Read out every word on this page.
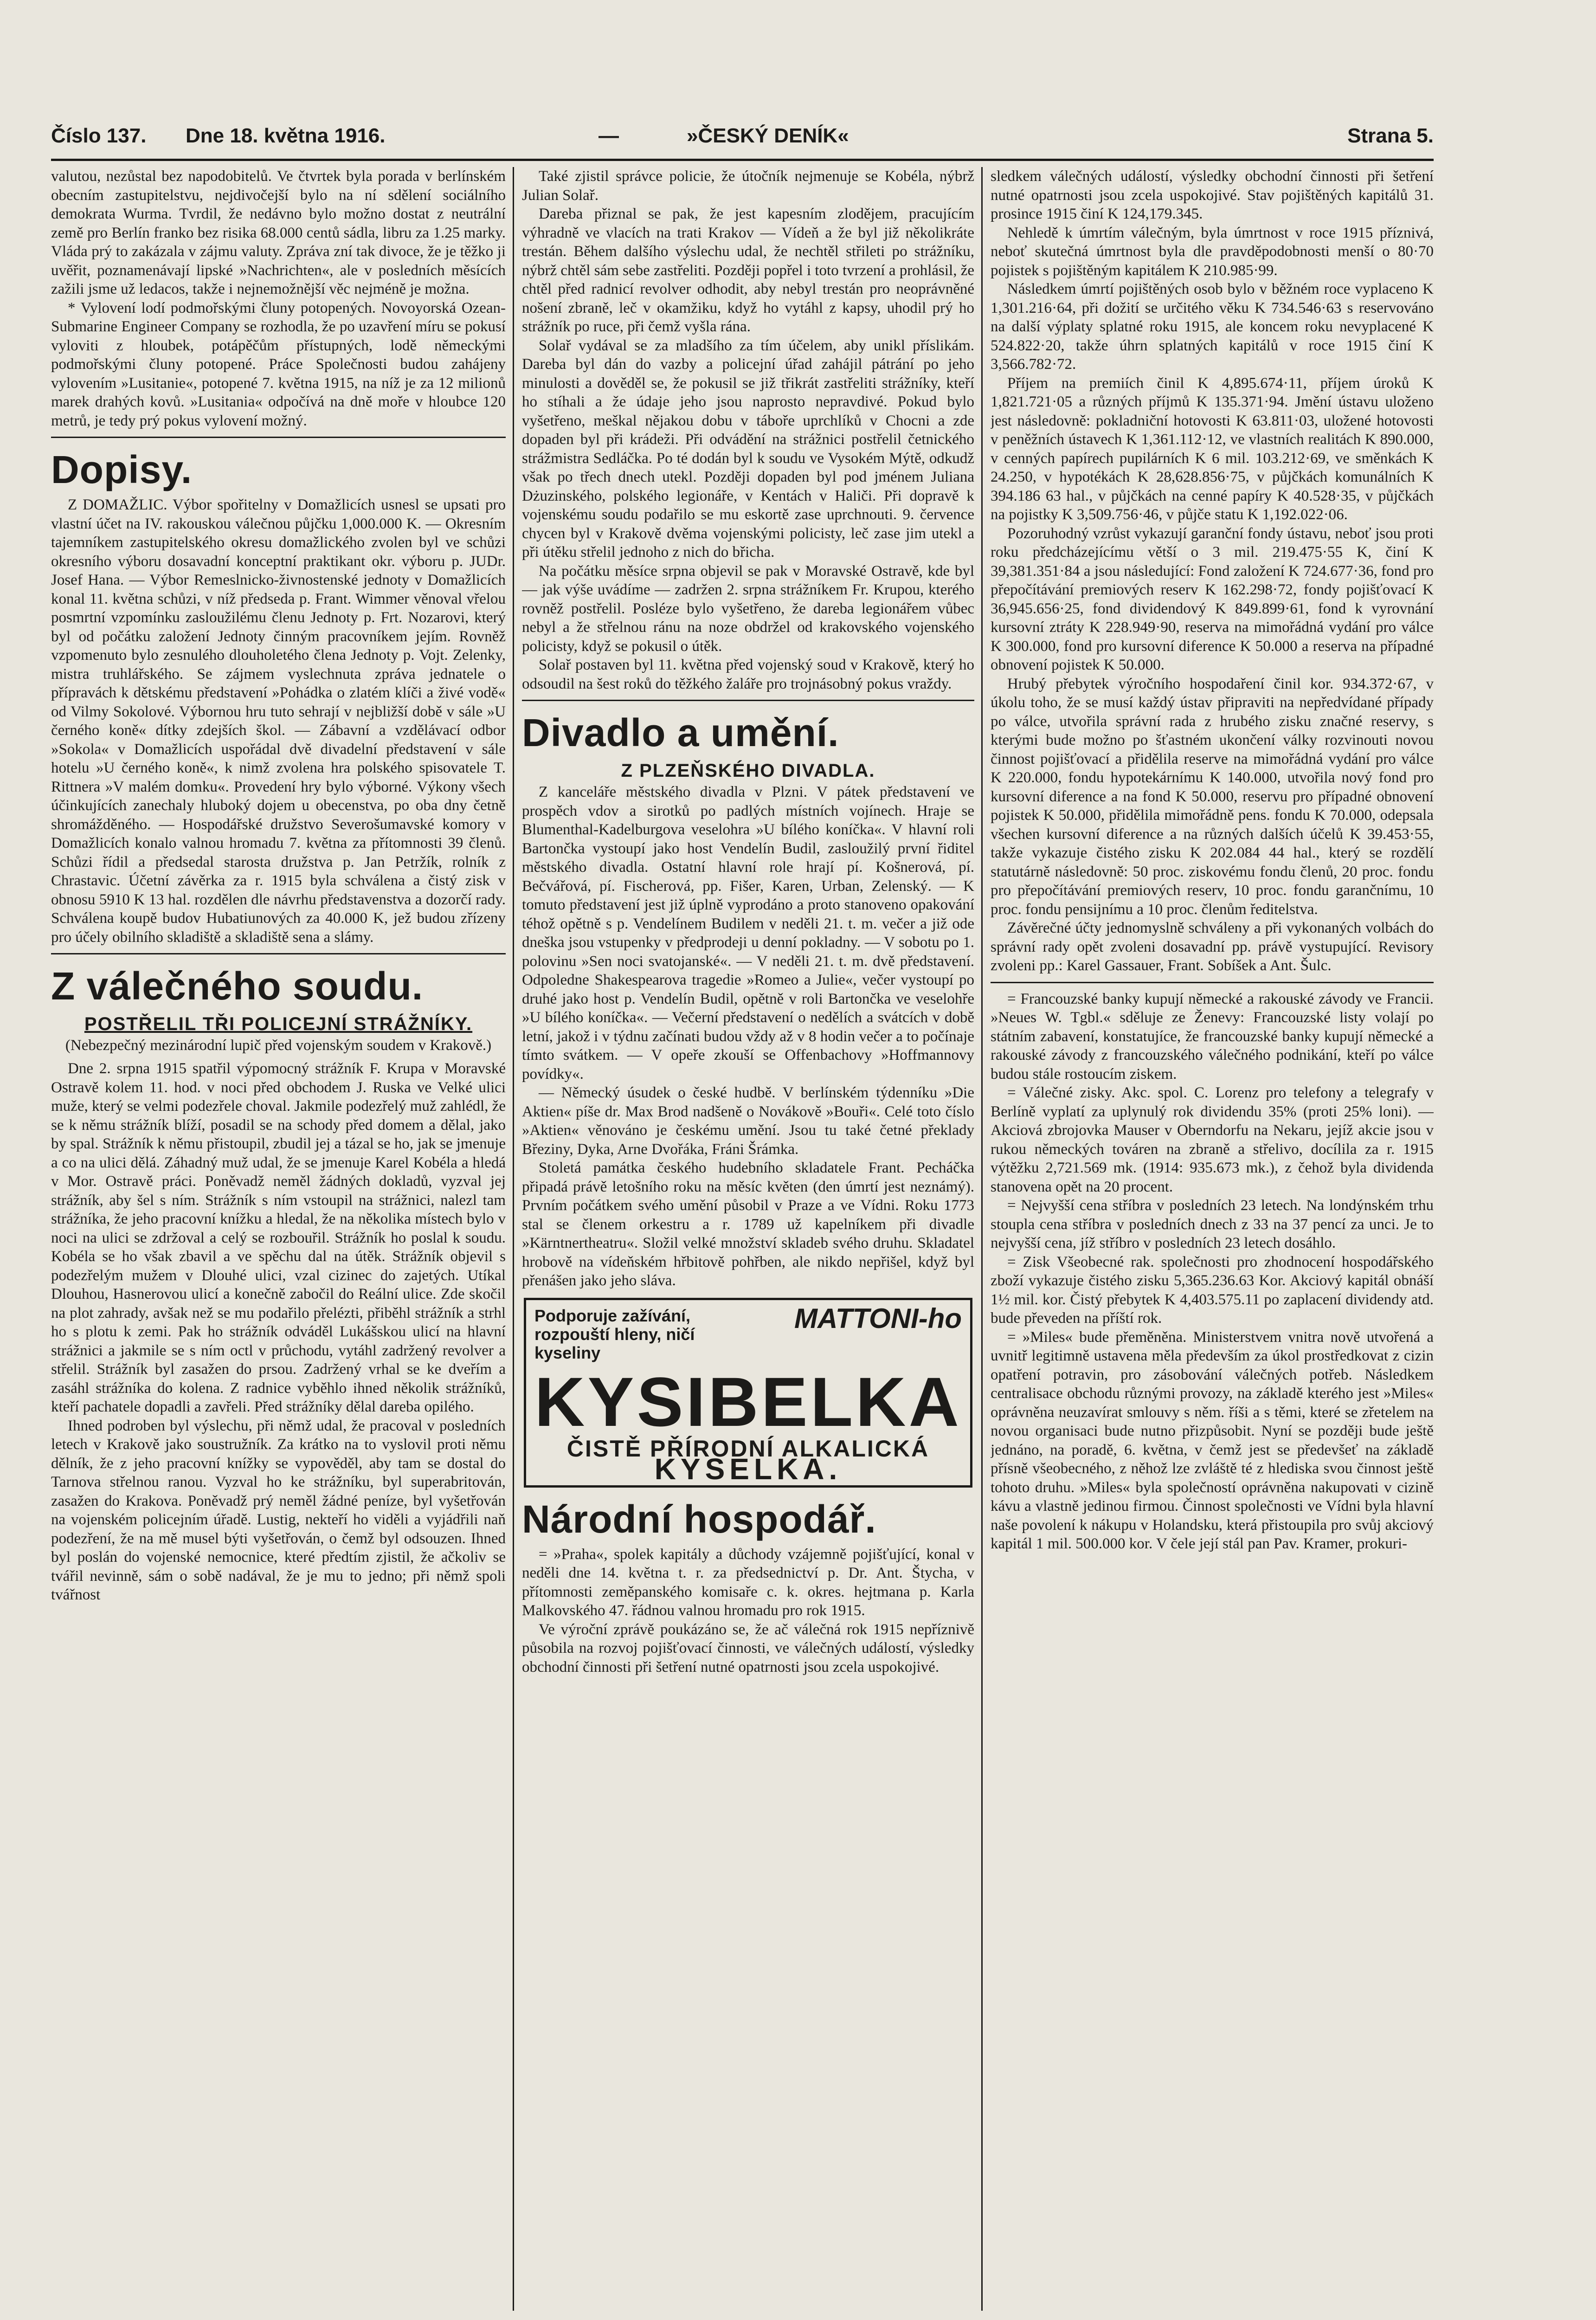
Číslo 137. Dne 18. května 1916.	—	»ČESKÝ DENÍK«	Strana 5.

valutou, nezůstal bez napodobitelů. Ve čtvrtek byla porada v berlínském obecním zastupitelstvu, nejdivočejší bylo na ní sdělení sociálního demokrata Wurma. Tvrdil, že nedávno bylo možno dostat z neutrální země pro Berlín franko bez risika 68.000 centů sádla, libru za 1.25 marky. Vláda prý to zakázala v zájmu valuty. Zpráva zní tak divoce, že je těžko ji uvěřit, poznamenávají lipské »Nachrichten«, ale v posledních měsících zažili jsme už ledacos, takže i nejnemožnější věc nejméně je možna.

* Vylovení lodí podmořskými čluny potopených. Novoyorská Ozean-Submarine Engineer Company se rozhodla, že po uzavření míru se pokusí vyloviti z hloubek, potápěčům přístupných, lodě německými podmořskými čluny potopené. Práce Společnosti budou zahájeny vylovením »Lusitanie«, potopené 7. května 1915, na níž je za 12 milionů marek drahých kovů. »Lusitania« odpočívá na dně moře v hloubce 120 metrů, je tedy prý pokus vylovení možný.

Dopisy.

Z DOMAŽLIC. Výbor spořitelny v Domažlicích usnesl se upsati pro vlastní účet na IV. rakouskou válečnou půjčku 1,000.000 K. — Okresním tajemníkem zastupitelského okresu domažlického zvolen byl ve schůzi okresního výboru dosavadní konceptní praktikant okr. výboru p. JUDr. Josef Hana. — Výbor Remeslnicko-živnostenské jednoty v Domažlicích konal 11. května schůzi, v níž předseda p. Frant. Wimmer věnoval vřelou posmrtní vzpomínku zasloužilému členu Jednoty p. Frt. Nozarovi, který byl od počátku založení Jednoty činným pracovníkem jejím. Rovněž vzpomenuto bylo zesnulého dlouholetého člena Jednoty p. Vojt. Zelenky, mistra truhlářského. Se zájmem vyslechnuta zpráva jednatele o přípravách k dětskému představení »Pohádka o zlatém klíči a živé vodě« od Vilmy Sokolové. Výbornou hru tuto sehrají v nejbližší době v sále »U černého koně« dítky zdejších škol. — Zábavní a vzdělávací odbor »Sokola« v Domažlicích uspořádal dvě divadelní představení v sále hotelu »U černého koně«, k nimž zvolena hra polského spisovatele T. Rittnera »V malém domku«. Provedení hry bylo výborné. Výkony všech účinkujících zanechaly hluboký dojem u obecenstva, po oba dny četně shromážděného. — Hospodářské družstvo Severošumavské komory v Domažlicích konalo valnou hromadu 7. května za přítomnosti 39 členů. Schůzi řídil a předsedal starosta družstva p. Jan Petržík, rolník z Chrastavic. Účetní závěrka za r. 1915 byla schválena a čistý zisk v obnosu 5910 K 13 hal. rozdělen dle návrhu představenstva a dozorčí rady. Schválena koupě budov Hubatiunových za 40.000 K, jež budou zřízeny pro účely obilního skladiště a skladiště sena a slámy.

Z válečného soudu.
POSTŘELIL TŘI POLICEJNÍ STRÁŽNÍKY.
(Nebezpečný mezinárodní lupič před vojenským soudem v Krakově.)

Dne 2. srpna 1915 spatřil výpomocný strážník F. Krupa v Moravské Ostravě kolem 11. hod. v noci před obchodem J. Ruska ve Velké ulici muže, který se velmi podezřele choval. Jakmile podezřelý muž zahlédl, že se k němu strážník blíží, posadil se na schody před domem a dělal, jako by spal. Strážník k němu přistoupil, zbudil jej a tázal se ho, jak se jmenuje a co na ulici dělá. Záhadný muž udal, že se jmenuje Karel Kobéla a hledá v Mor. Ostravě práci. Poněvadž neměl žádných dokladů, vyzval jej strážník, aby šel s ním. Strážník s ním vstoupil na strážnici, nalezl tam strážníka, že jeho pracovní knížku a hledal, že na několika místech bylo v noci na ulici se zdržoval a celý se rozbouřil. Strážník ho poslal k soudu. Kobéla se ho však zbavil a ve spěchu dal na útěk. Strážník objevil s podezřelým mužem v Dlouhé ulici, vzal cizinec do zajetých. Utíkal Dlouhou, Hasnerovou ulicí a konečně zabočil do Reální ulice. Zde skočil na plot zahrady, avšak než se mu podařilo přelézti, přiběhl strážník a strhl ho s plotu k zemi. Pak ho strážník odváděl Lukášskou ulicí na hlavní strážnici a jakmile se s ním octl v průchodu, vytáhl zadržený revolver a střelil. Strážník byl zasažen do prsou. Zadržený vrhal se ke dveřím a zasáhl strážníka do kolena. Z radnice vyběhlo ihned několik strážníků, kteří pachatele dopadli a zavřeli. Před strážníky dělal dareba opilého.

Ihned podroben byl výslechu, při němž udal, že pracoval v posledních letech v Krakově jako soustružník. Za krátko na to vyslovil proti němu dělník, že z jeho pracovní knížky se vypověděl, aby tam se dostal do Tarnova střelnou ranou. Vyzval ho ke strážníku, byl superabritován, zasažen do Krakova. Poněvadž prý neměl žádné peníze, byl vyšetřován na vojenském policejním úřadě. Lustig, nekteří ho viděli a vyjádřili naň podezření, že na mě musel býti vyšetřován, o čemž byl odsouzen. Ihned byl poslán do vojenské nemocnice, které předtím zjistil, že ačkoliv se tvářil nevinně, sám o sobě nadával, že je mu to jedno; při němž spoli tvářnost

Také zjistil správce policie, že útočník nejmenuje se Kobéla, nýbrž Julian Solař.

Dareba přiznal se pak, že jest kapesním zlodějem, pracujícím výhradně ve vlacích na trati Krakov — Vídeň a že byl již několikráte trestán. Během dalšího výslechu udal, že nechtěl střileti po strážníku, nýbrž chtěl sám sebe zastřeliti. Později popřel i toto tvrzení a prohlásil, že chtěl před radnicí revolver odhodit, aby nebyl trestán pro neoprávněné nošení zbraně, leč v okamžiku, když ho vytáhl z kapsy, uhodil prý ho strážník po ruce, při čemž vyšla rána.

Solař vydával se za mladšího za tím účelem, aby unikl příslikám. Dareba byl dán do vazby a policejní úřad zahájil pátrání po jeho minulosti a dověděl se, že pokusil se již třikrát zastřeliti strážníky, kteří ho stíhali a že údaje jeho jsou naprosto nepravdivé. Pokud bylo vyšetřeno, meškal nějakou dobu v táboře uprchlíků v Chocni a zde dopaden byl při krádeži. Při odvádění na strážnici postřelil četnického strážmistra Sedláčka. Po té dodán byl k soudu ve Vysokém Mýtě, odkudž však po třech dnech utekl. Později dopaden byl pod jménem Juliana Dżuzinského, polského legionáře, v Kentách v Haliči. Při dopravě k vojenskému soudu podařilo se mu eskortě zase uprchnouti. 9. července chycen byl v Krakově dvěma vojenskými policisty, leč zase jim utekl a při útěku střelil jednoho z nich do břicha.

Na počátku měsíce srpna objevil se pak v Moravské Ostravě, kde byl — jak výše uvádíme — zadržen 2. srpna strážníkem Fr. Krupou, kterého rovněž postřelil. Posléze bylo vyšetřeno, že dareba legionářem vůbec nebyl a že střelnou ránu na noze obdržel od krakovského vojenského policisty, když se pokusil o útěk.

Solař postaven byl 11. května před vojenský soud v Krakově, který ho odsoudil na šest roků do těžkého žaláře pro trojnásobný pokus vraždy.

Divadlo a umění.
Z PLZEŇSKÉHO DIVADLA.

Z kanceláře městského divadla v Plzni. V pátek představení ve prospěch vdov a sirotků po padlých místních vojínech. Hraje se Blumenthal-Kadelburgova veselohra »U bílého koníčka«. V hlavní roli Bartončka vystoupí jako host Vendelín Budil, zasloužilý první řiditel městského divadla. Ostatní hlavní role hrají pí. Košnerová, pí. Bečvářová, pí. Fischerová, pp. Fišer, Karen, Urban, Zelenský. — K tomuto představení jest již úplně vyprodáno a proto stanoveno opakování téhož opětně s p. Vendelínem Budilem v neděli 21. t. m. večer a již ode dneška jsou vstupenky v předprodeji u denní pokladny. — V sobotu po 1. polovinu »Sen noci svatojanské«. — V neděli 21. t. m. dvě představení. Odpoledne Shakespearova tragedie »Romeo a Julie«, večer vystoupí po druhé jako host p. Vendelín Budil, opětně v roli Bartončka ve veselohře »U bílého koníčka«. — Večerní představení o nedělích a svátcích v době letní, jakož i v týdnu začínati budou vždy až v 8 hodin večer a to počínaje tímto svátkem. — V opeře zkouší se Offenbachovy »Hoffmannovy povídky«.

— Německý úsudek o české hudbě. V berlínském týdenníku »Die Aktien« píše dr. Max Brod nadšeně o Novákově »Bouři«. Celé toto číslo »Aktien« věnováno je českému umění. Jsou tu také četné překlady Březiny, Dyka, Arne Dvořáka, Fráni Šrámka.

Stoletá památka českého hudebního skladatele Frant. Pecháčka připadá právě letošního roku na měsíc květen (den úmrtí jest neznámý). Prvním počátkem svého umění působil v Praze a ve Vídni. Roku 1773 stal se členem orkestru a r. 1789 už kapelníkem při divadle »Kärntnertheatru«. Složil velké množství skladeb svého druhu. Skladatel hrobově na vídeňském hřbitově pohřben, ale nikdo nepřišel, když byl přenášen jako jeho sláva.

Podporuje zažívání, rozpouští hleny, ničí kyseliny
MATTONI-ho
KYSIBELKA
ČISTĚ PŘÍRODNÍ ALKALICKÁ
KYSELKA.
Národní hospodář.

= »Praha«, spolek kapitály a důchody vzájemně pojišťující, konal v neděli dne 14. května t. r. za předsednictví p. Dr. Ant. Štycha, v přítomnosti zeměpanského komisaře c. k. okres. hejtmana p. Karla Malkovského 47. řádnou valnou hromadu pro rok 1915.

Ve výroční zprávě poukázáno se, že ač válečná rok 1915 nepříznivě působila na rozvoj pojišťovací činnosti, ve válečných událostí, výsledky obchodní činnosti při šetření nutné opatrnosti jsou zcela uspokojivé.

sledkem válečných událostí, výsledky obchodní činnosti při šetření nutné opatrnosti jsou zcela uspokojivé. Stav pojištěných kapitálů 31. prosince 1915 činí K 124,179.345.

Nehledě k úmrtím válečným, byla úmrtnost v roce 1915 příznivá, neboť skutečná úmrtnost byla dle pravděpodobnosti menší o 80·70 pojistek s pojištěným kapitálem K 210.985·99.

Následkem úmrtí pojištěných osob bylo v běžném roce vyplaceno K 1,301.216·64, při dožití se určitého věku K 734.546·63 s reservováno na další výplaty splatné roku 1915, ale koncem roku nevyplacené K 524.822·20, takže úhrn splatných kapitálů v roce 1915 činí K 3,566.782·72.

Příjem na premiích činil K 4,895.674·11, příjem úroků K 1,821.721·05 a různých příjmů K 135.371·94. Jmění ústavu uloženo jest následovně: pokladniční hotovosti K 63.811·03, uložené hotovosti v peněžních ústavech K 1,361.112·12, ve vlastních realitách K 890.000, v cenných papírech pupilárních K 6 mil. 103.212·69, ve směnkách K 24.250, v hypotékách K 28,628.856·75, v půjčkách komunálních K 394.186 63 hal., v půjčkách na cenné papíry K 40.528·35, v půjčkách na pojistky K 3,509.756·46, v půjče statu K 1,192.022·06.

Pozoruhodný vzrůst vykazují garanční fondy ústavu, neboť jsou proti roku předcházejícímu větší o 3 mil. 219.475·55 K, činí K 39,381.351·84 a jsou následující: Fond založení K 724.677·36, fond pro přepočítávání premiových reserv K 162.298·72, fondy pojišťovací K 36,945.656·25, fond dividendový K 849.899·61, fond k vyrovnání kursovní ztráty K 228.949·90, reserva na mimořádná vydání pro válce K 300.000, fond pro kursovní diference K 50.000 a reserva na případné obnovení pojistek K 50.000.

Hrubý přebytek výročního hospodaření činil kor. 934.372·67, v úkolu toho, že se musí každý ústav připraviti na nepředvídané případy po válce, utvořila správní rada z hrubého zisku značné reservy, s kterými bude možno po šťastném ukončení války rozvinouti novou činnost pojišťovací a přidělila reserve na mimořádná vydání pro válce K 220.000, fondu hypotekárnímu K 140.000, utvořila nový fond pro kursovní diference a na fond K 50.000, reservu pro případné obnovení pojistek K 50.000, přidělila mimořádně pens. fondu K 70.000, odepsala všechen kursovní diference a na různých dalších účelů K 39.453·55, takže vykazuje čistého zisku K 202.084 44 hal., který se rozdělí statutárně následovně: 50 proc. ziskovému fondu členů, 20 proc. fondu pro přepočítávání premiových reserv, 10 proc. fondu garančnímu, 10 proc. fondu pensijnímu a 10 proc. členům ředitelstva.

Závěrečné účty jednomyslně schváleny a při vykonaných volbách do správní rady opět zvoleni dosavadní pp. právě vystupující. Revisory zvoleni pp.: Karel Gassauer, Frant. Sobíšek a Ant. Šulc.

= Francouzské banky kupují německé a rakouské závody ve Francii. »Neues W. Tgbl.« sděluje ze Ženevy: Francouzské listy volají po státním zabavení, konstatujíce, že francouzské banky kupují německé a rakouské závody z francouzského válečného podnikání, kteří po válce budou stále rostoucím ziskem.

= Válečné zisky. Akc. spol. C. Lorenz pro telefony a telegrafy v Berlíně vyplatí za uplynulý rok dividendu 35% (proti 25% loni). — Akciová zbrojovka Mauser v Oberndorfu na Nekaru, jejíž akcie jsou v rukou německých továren na zbraně a střelivo, docílila za r. 1915 výtěžku 2,721.569 mk. (1914: 935.673 mk.), z čehož byla dividenda stanovena opět na 20 procent.

= Nejvyšší cena stříbra v posledních 23 letech. Na londýnském trhu stoupla cena stříbra v posledních dnech z 33 na 37 pencí za unci. Je to nejvyšší cena, jíž stříbro v posledních 23 letech dosáhlo.

= Zisk Všeobecné rak. společnosti pro zhodnocení hospodářského zboží vykazuje čistého zisku 5,365.236.63 Kor. Akciový kapitál obnáší 1½ mil. kor. Čistý přebytek K 4,403.575.11 po zaplacení dividendy atd. bude převeden na příští rok.

= »Miles« bude přeměněna. Ministerstvem vnitra nově utvořená a uvnitř legitimně ustavena měla především za úkol prostředkovat z cizin opatření potravin, pro zásobování válečných potřeb. Následkem centralisace obchodu různými provozy, na základě kterého jest »Miles« oprávněna neuzavírat smlouvy s něm. říši a s těmi, které se zřetelem na novou organisaci bude nutno přizpůsobit. Nyní se později bude ještě jednáno, na poradě, 6. května, v čemž jest se předevšeť na základě přísně všeobecného, z něhož lze zvláště té z hlediska svou činnost ještě tohoto druhu. »Miles« byla společností oprávněna nakupovati v cizině kávu a vlastně jedinou firmou. Činnost společnosti ve Vídni byla hlavní naše povolení k nákupu v Holandsku, která přistoupila pro svůj akciový kapitál 1 mil. 500.000 kor. V čele její stál pan Pav. Kramer, prokuri-
